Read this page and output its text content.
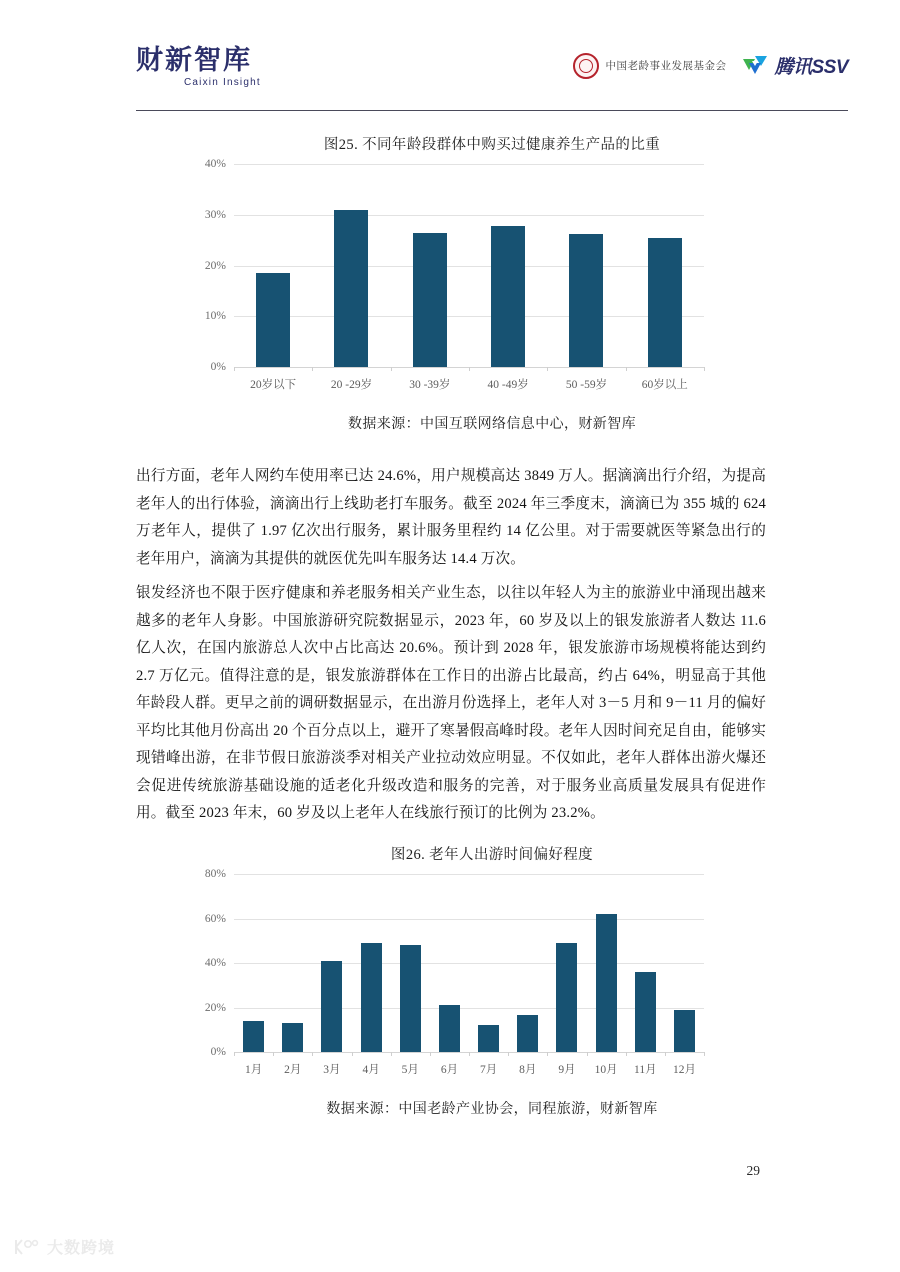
财新智库
Caixin Insight
中国老龄事业发展基金会	腾讯SSV
图25. 不同年龄段群体中购买过健康养生产品的比重
0%
10%
20%
30%
40%
20岁以下	20 -29岁	30 -39岁	40 -49岁	50 -59岁	60岁以上
数据来源：中国互联网络信息中心，财新智库
出行方面，老年人网约车使用率已达 24.6%，用户规模高达 3849 万人。据滴滴出行介绍，为提高老年人的出行体验，滴滴出行上线助老打车服务。截至 2024 年三季度末，滴滴已为 355 城的 624 万老年人，提供了 1.97 亿次出行服务，累计服务里程约 14 亿公里。对于需要就医等紧急出行的老年用户，滴滴为其提供的就医优先叫车服务达 14.4 万次。
银发经济也不限于医疗健康和养老服务相关产业生态，以往以年轻人为主的旅游业中涌现出越来越多的老年人身影。中国旅游研究院数据显示，2023 年，60 岁及以上的银发旅游者人数达 11.6 亿人次，在国内旅游总人次中占比高达 20.6%。预计到 2028 年，银发旅游市场规模将能达到约 2.7 万亿元。值得注意的是，银发旅游群体在工作日的出游占比最高，约占 64%，明显高于其他年龄段人群。更早之前的调研数据显示，在出游月份选择上，老年人对 3－5 月和 9－11 月的偏好平均比其他月份高出 20 个百分点以上，避开了寒暑假高峰时段。老年人因时间充足自由，能够实现错峰出游，在非节假日旅游淡季对相关产业拉动效应明显。不仅如此，老年人群体出游火爆还会促进传统旅游基础设施的适老化升级改造和服务的完善，对于服务业高质量发展具有促进作用。截至 2023 年末，60 岁及以上老年人在线旅行预订的比例为 23.2%。
图26. 老年人出游时间偏好程度
0%
20%
40%
60%
80%
1月	2月	3月	4月	5月	6月	7月	8月	9月	10月	11月	12月
数据来源：中国老龄产业协会，同程旅游，财新智库
29
大数跨境
